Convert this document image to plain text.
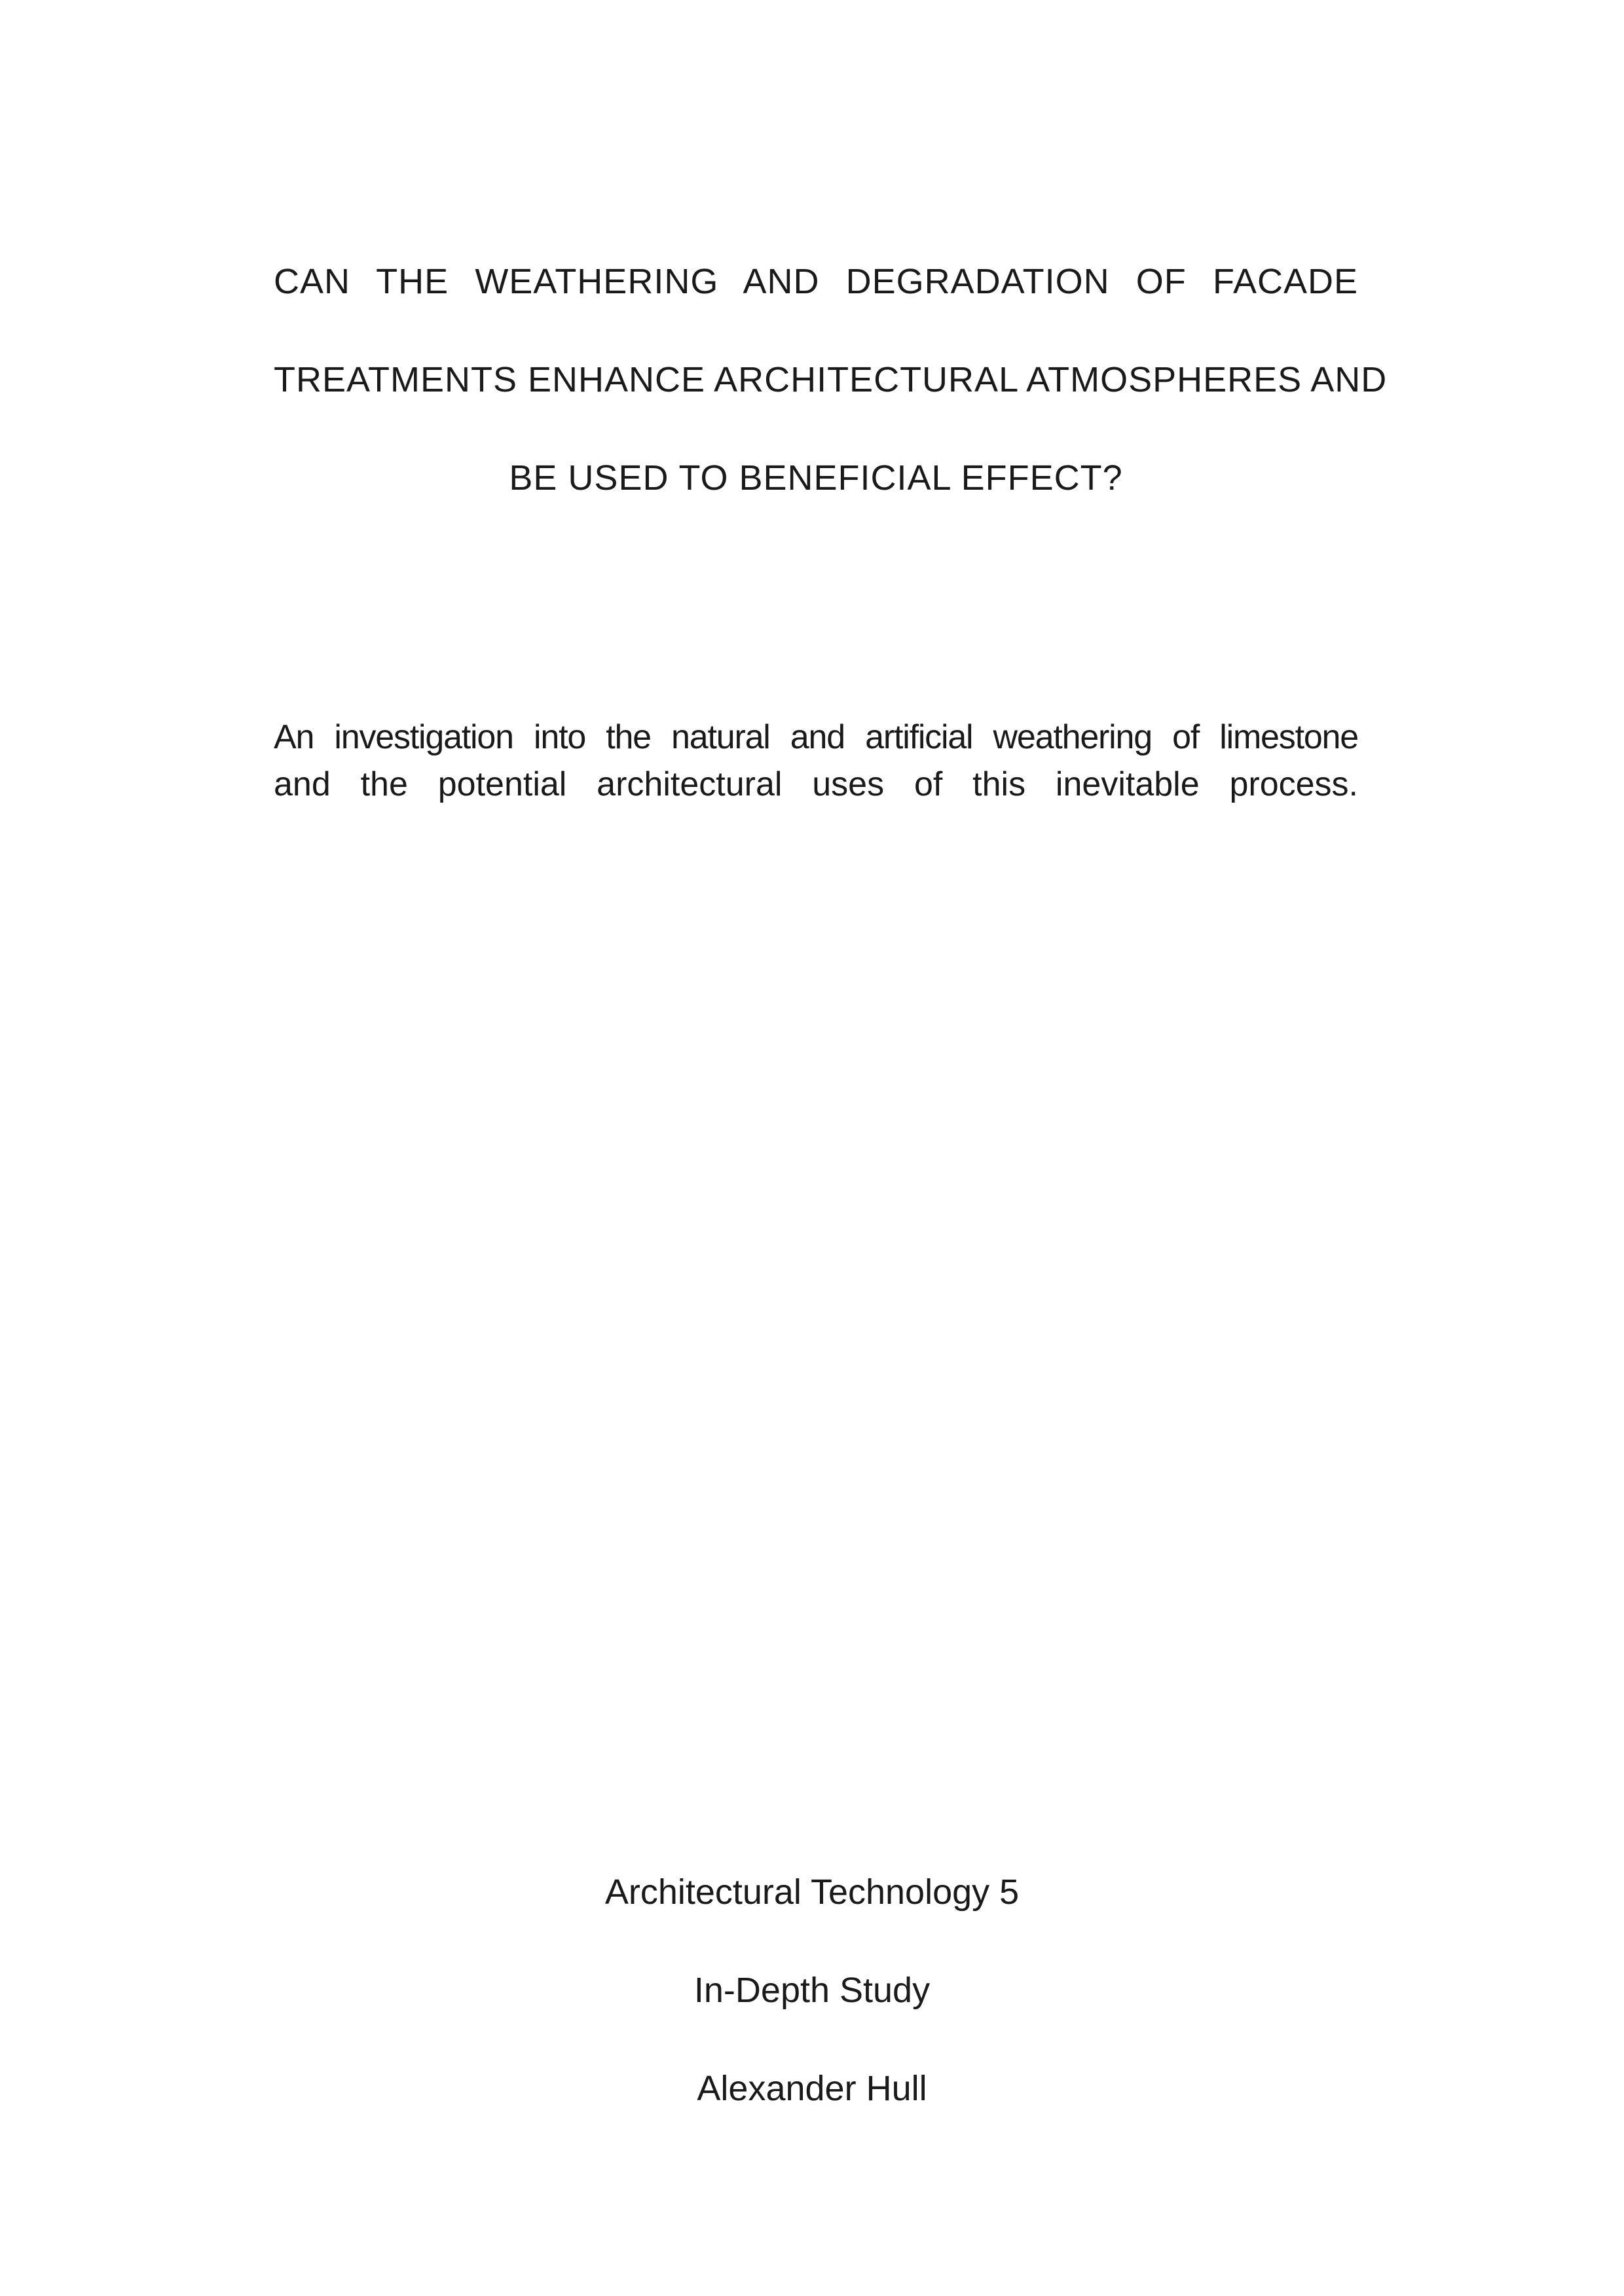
CAN THE WEATHERING AND DEGRADATION OF FACADE
TREATMENTS ENHANCE ARCHITECTURAL ATMOSPHERES AND
BE USED TO BENEFICIAL EFFECT?
An investigation into the natural and artificial weathering of limestone
and the potential architectural uses of this inevitable process.
Architectural Technology 5
In-Depth Study
Alexander Hull
